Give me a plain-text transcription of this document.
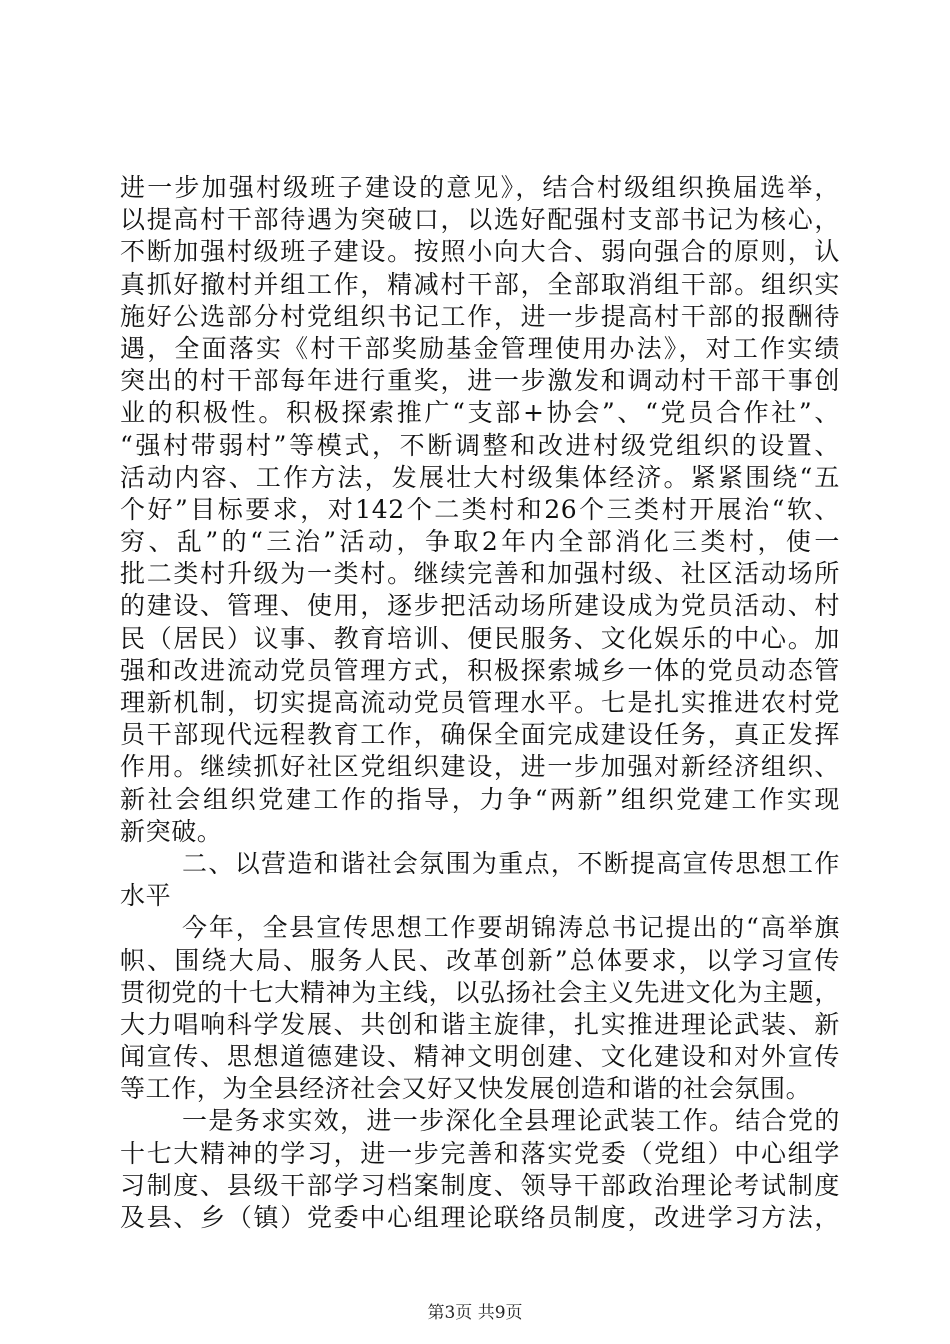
进一步加强村级班子建设的意见》，结合村级组织换届选举，
以提高村干部待遇为突破口，以选好配强村支部书记为核心，
不断加强村级班子建设。按照小向大合、弱向强合的原则，认
真抓好撤村并组工作，精减村干部，全部取消组干部。组织实
施好公选部分村党组织书记工作，进一步提高村干部的报酬待
遇，全面落实《村干部奖励基金管理使用办法》，对工作实绩
突出的村干部每年进行重奖，进一步激发和调动村干部干事创
业的积极性。积极探索推广“支部+协会”、“党员合作社”、
“强村带弱村”等模式，不断调整和改进村级党组织的设置、
活动内容、工作方法，发展壮大村级集体经济。紧紧围绕“五
个好”目标要求，对142个二类村和26个三类村开展治“软、
穷、乱”的“三治”活动，争取2年内全部消化三类村，使一
批二类村升级为一类村。继续完善和加强村级、社区活动场所
的建设、管理、使用，逐步把活动场所建设成为党员活动、村
民（居民）议事、教育培训、便民服务、文化娱乐的中心。加
强和改进流动党员管理方式，积极探索城乡一体的党员动态管
理新机制，切实提高流动党员管理水平。七是扎实推进农村党
员干部现代远程教育工作，确保全面完成建设任务，真正发挥
作用。继续抓好社区党组织建设，进一步加强对新经济组织、
新社会组织党建工作的指导，力争“两新”组织党建工作实现
新突破。
二、以营造和谐社会氛围为重点，不断提高宣传思想工作
水平
今年，全县宣传思想工作要胡锦涛总书记提出的“高举旗
帜、围绕大局、服务人民、改革创新”总体要求，以学习宣传
贯彻党的十七大精神为主线，以弘扬社会主义先进文化为主题，
大力唱响科学发展、共创和谐主旋律，扎实推进理论武装、新
闻宣传、思想道德建设、精神文明创建、文化建设和对外宣传
等工作，为全县经济社会又好又快发展创造和谐的社会氛围。
一是务求实效，进一步深化全县理论武装工作。结合党的
十七大精神的学习，进一步完善和落实党委（党组）中心组学
习制度、县级干部学习档案制度、领导干部政治理论考试制度
及县、乡（镇）党委中心组理论联络员制度，改进学习方法，
第3页 共9页
